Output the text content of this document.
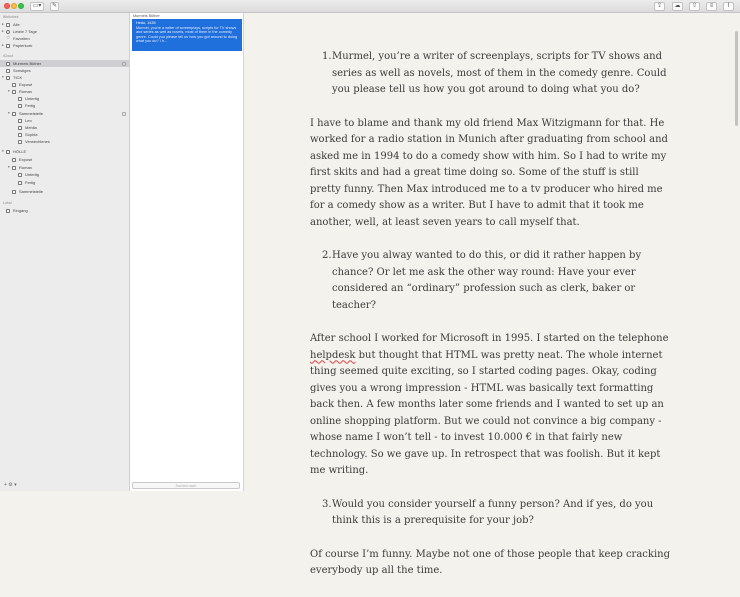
▭▾	✎	⇪	☁	⇧	≡	⌇
Bibliothek
▸ Alle
▸ Letzte 7 Tage
☆ Favoriten
▸ Papierkorb
iCloud
Murmels Büther
Sonstiges
▾ TICK
Exposé
▾ Roman
Untertig
Fertig
▾ Sammelstelle
Leo
Mehlia
Sophia
Verwechlenes
▾ HÖLLE
Exposé
▾ Roman
Untertig
Fertig
Sammelstelle
Lokal
Eingang
+ ⚙ ▾
Murmels Büther
Hedo, 1435
Murmel, you're a writer of screenplays, scripts for TV shows and series as well as novels, most of them in the comedy genre. Could you please tell us how you got around to doing what you do? I h...
Suchen nach
1. Murmel, you’re a writer of screenplays, scripts for TV shows and series as well as novels, most of them in the comedy genre. Could you please tell us how you got around to doing what you do?
I have to blame and thank my old friend Max Witzigmann for that. He worked for a radio station in Munich after graduating from school and asked me in 1994 to do a comedy show with him. So I had to write my first skits and had a great time doing so. Some of the stuff is still pretty funny. Then Max introduced me to a tv producer who hired me for a comedy show as a writer. But I have to admit that it took me another, well, at least seven years to call myself that.
2. Have you alway wanted to do this, or did it rather happen by chance? Or let me ask the other way round: Have your ever considered an “ordinary” profession such as clerk, baker or teacher?
After school I worked for Microsoft in 1995. I started on the telephone helpdesk but thought that HTML was pretty neat. The whole internet thing seemed quite exciting, so I started coding pages. Okay, coding gives you a wrong impression - HTML was basically text formatting back then. A few months later some friends and I wanted to set up an online shopping platform. But we could not convince a big company - whose name I won’t tell - to invest 10.000 € in that fairly new technology. So we gave up. In retrospect that was foolish. But it kept me writing.
3. Would you consider yourself a funny person? And if yes, do you think this is a prerequisite for your job?
Of course I’m funny. Maybe not one of those people that keep cracking everybody up all the time.
